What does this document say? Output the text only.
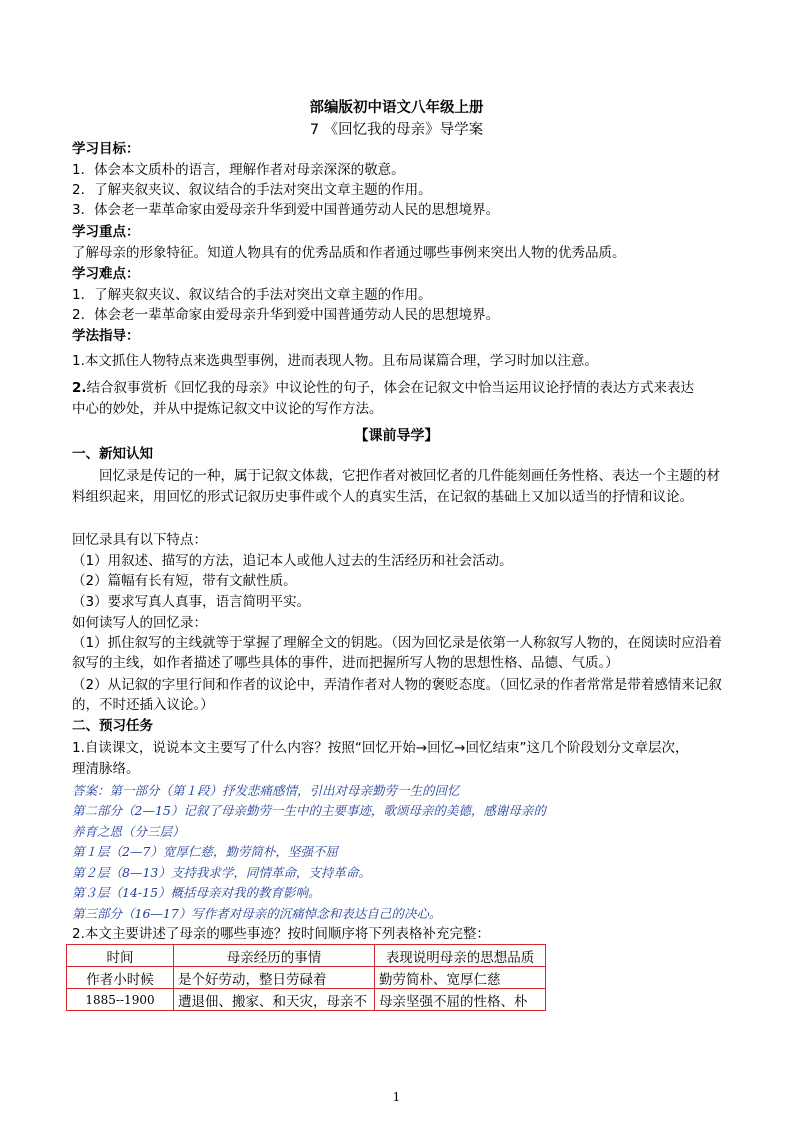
部编版初中语文八年级上册
7 《回忆我的母亲》导学案
学习目标：
1．体会本文质朴的语言，理解作者对母亲深深的敬意。
2．了解夹叙夹议、叙议结合的手法对突出文章主题的作用。
3．体会老一辈革命家由爱母亲升华到爱中国普通劳动人民的思想境界。
学习重点：
了解母亲的形象特征。知道人物具有的优秀品质和作者通过哪些事例来突出人物的优秀品质。
学习难点：
1．了解夹叙夹议、叙议结合的手法对突出文章主题的作用。
2．体会老一辈革命家由爱母亲升华到爱中国普通劳动人民的思想境界。
学法指导：
1.本文抓住人物特点来选典型事例，进而表现人物。且布局谋篇合理，学习时加以注意。
2.结合叙事赏析《回忆我的母亲》中议论性的句子，体会在记叙文中恰当运用议论抒情的表达方式来表达
中心的妙处，并从中提炼记叙文中议论的写作方法。
【课前导学】
一、新知认知
回忆录是传记的一种，属于记叙文体裁，它把作者对被回忆者的几件能刻画任务性格、表达一个主题的材料组织起来，用回忆的形式记叙历史事件或个人的真实生活，在记叙的基础上又加以适当的抒情和议论。
回忆录具有以下特点：
（1）用叙述、描写的方法，追记本人或他人过去的生活经历和社会活动。
（2）篇幅有长有短，带有文献性质。
（3）要求写真人真事，语言简明平实。
如何读写人的回忆录：
（1）抓住叙写的主线就等于掌握了理解全文的钥匙。（因为回忆录是依第一人称叙写人物的，在阅读时应沿着叙写的主线，如作者描述了哪些具体的事件，进而把握所写人物的思想性格、品德、气质。）
（2）从记叙的字里行间和作者的议论中，弄清作者对人物的褒贬态度。（回忆录的作者常常是带着感情来记叙的，不时还插入议论。）
二、预习任务
1.自读课文，说说本文主要写了什么内容？按照“回忆开始→回忆→回忆结束”这几个阶段划分文章层次，
理清脉络。
答案：第一部分（第１段）抒发悲痛感情，引出对母亲勤劳一生的回忆
第二部分（2—15）记叙了母亲勤劳一生中的主要事迹，歌颂母亲的美德，感谢母亲的
养育之恩（分三层）
第１层（2—7）宽厚仁慈，勤劳简朴，坚强不屈
第２层（8—13）支持我求学，同情革命，支持革命。
第３层（14-15）概括母亲对我的教育影响。
第三部分（16—17）写作者对母亲的沉痛悼念和表达自己的决心。
2.本文主要讲述了母亲的哪些事迹？按时间顺序将下列表格补充完整：
时间	母亲经历的事情	表现说明母亲的思想品质
作者小时候	是个好劳动，整日劳碌着	勤劳简朴、宽厚仁慈
1885--1900	遭退佃、搬家、和天灾，母亲不	母亲坚强不屈的性格、朴
1
